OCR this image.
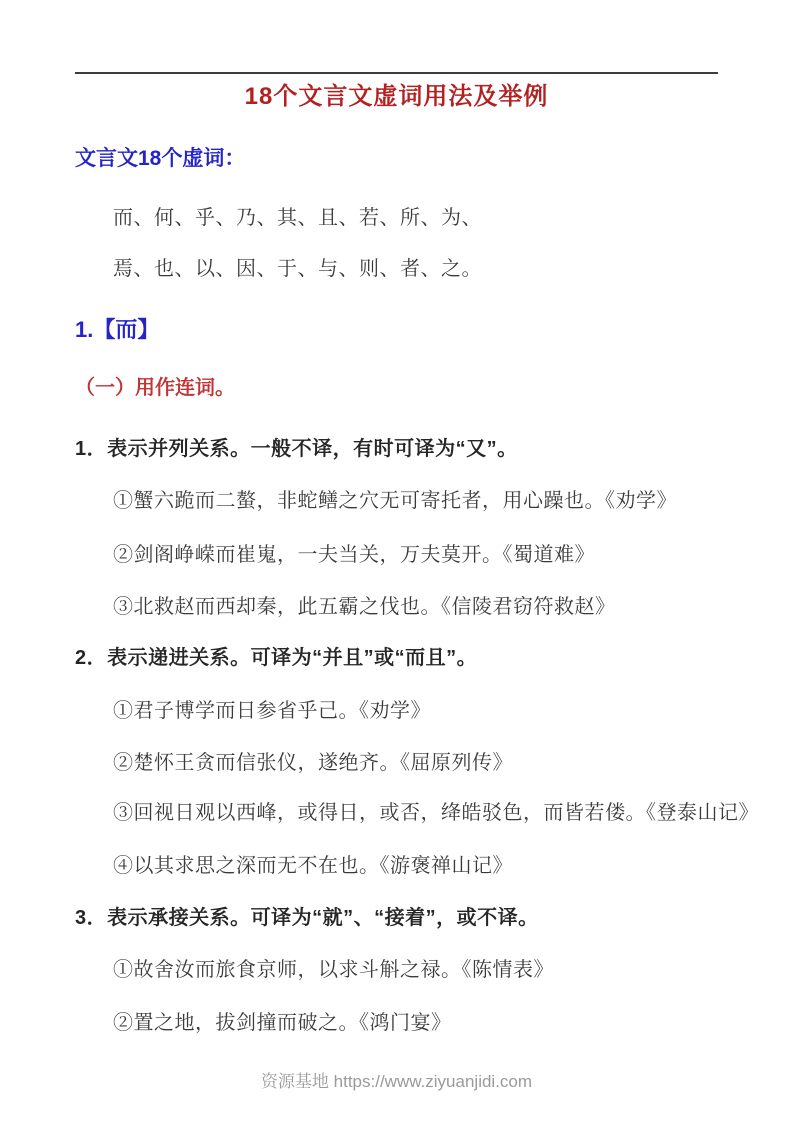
18个文言文虚词用法及举例
文言文18个虚词：
而、何、乎、乃、其、且、若、所、为、
焉、也、以、因、于、与、则、者、之。
1.【而】
（一）用作连词。
1．表示并列关系。一般不译，有时可译为“又”。
①蟹六跪而二螯，非蛇鳝之穴无可寄托者，用心躁也。《劝学》
②剑阁峥嵘而崔嵬，一夫当关，万夫莫开。《蜀道难》
③北救赵而西却秦，此五霸之伐也。《信陵君窃符救赵》
2．表示递进关系。可译为“并且”或“而且”。
①君子博学而日参省乎己。《劝学》
②楚怀王贪而信张仪，遂绝齐。《屈原列传》
③回视日观以西峰，或得日，或否，绛皓驳色，而皆若偻。《登泰山记》
④以其求思之深而无不在也。《游褒禅山记》
3．表示承接关系。可译为“就”、“接着”，或不译。
①故舍汝而旅食京师，以求斗斛之禄。《陈情表》
②置之地，拔剑撞而破之。《鸿门宴》
资源基地 https://www.ziyuanjidi.com
